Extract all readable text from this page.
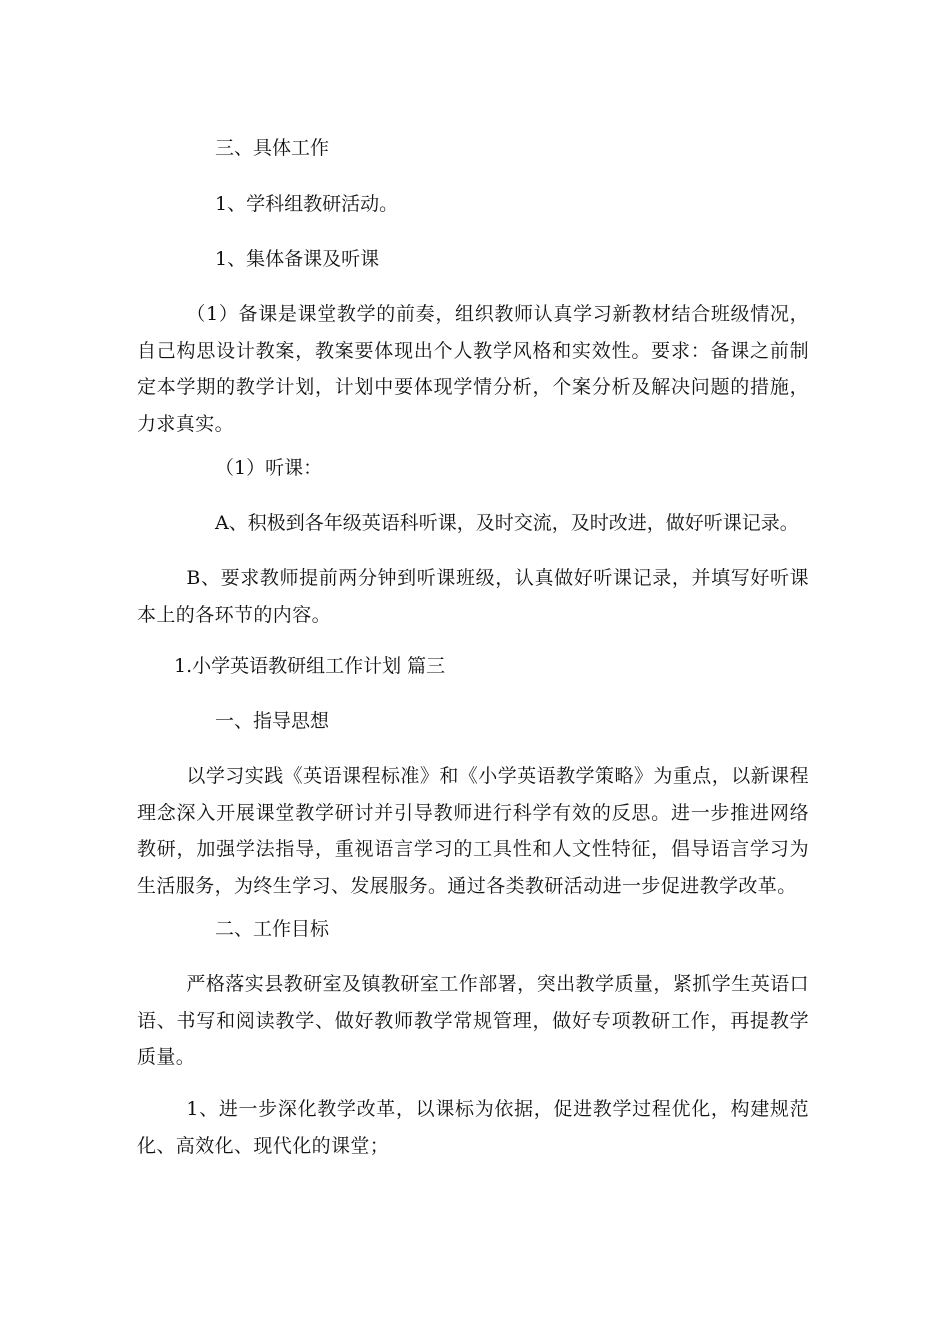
三、具体工作

1、学科组教研活动。

1、集体备课及听课

（1）备课是课堂教学的前奏，组织教师认真学习新教材结合班级情况，自己构思设计教案，教案要体现出个人教学风格和实效性。要求：备课之前制定本学期的教学计划，计划中要体现学情分析，个案分析及解决问题的措施，力求真实。

（1）听课：

A、积极到各年级英语科听课，及时交流，及时改进，做好听课记录。

B、要求教师提前两分钟到听课班级，认真做好听课记录，并填写好听课本上的各环节的内容。

1.小学英语教研组工作计划 篇三

一、指导思想

以学习实践《英语课程标准》和《小学英语教学策略》为重点，以新课程理念深入开展课堂教学研讨并引导教师进行科学有效的反思。进一步推进网络教研，加强学法指导，重视语言学习的工具性和人文性特征，倡导语言学习为生活服务，为终生学习、发展服务。通过各类教研活动进一步促进教学改革。

二、工作目标

严格落实县教研室及镇教研室工作部署，突出教学质量，紧抓学生英语口语、书写和阅读教学、做好教师教学常规管理，做好专项教研工作，再提教学质量。

1、进一步深化教学改革，以课标为依据，促进教学过程优化，构建规范化、高效化、现代化的课堂；
